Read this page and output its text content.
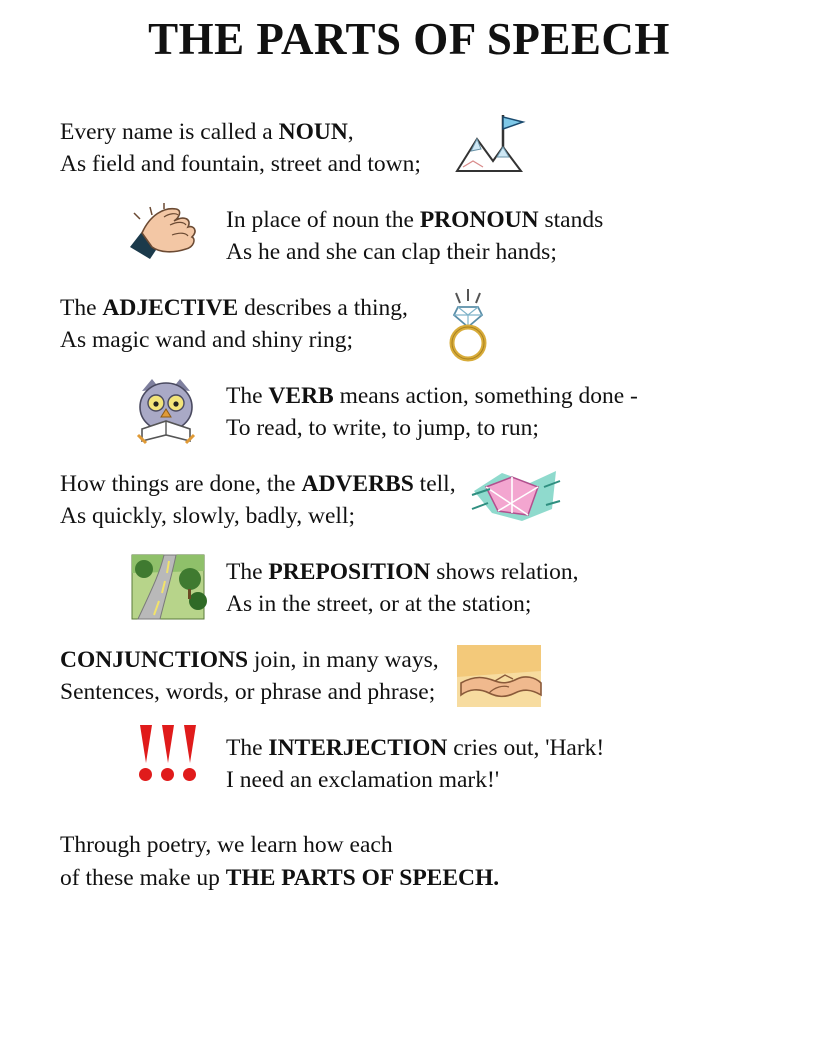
THE PARTS OF SPEECH
Every name is called a NOUN,
As field and fountain, street and town;
In place of noun the PRONOUN stands
As he and she can clap their hands;
The ADJECTIVE describes a thing,
As magic wand and shiny ring;
The VERB means action, something done -
To read, to write, to jump, to run;
How things are done, the ADVERBS tell,
As quickly, slowly, badly, well;
The PREPOSITION shows relation,
As in the street, or at the station;
CONJUNCTIONS join, in many ways,
Sentences, words, or phrase and phrase;
The INTERJECTION cries out, 'Hark!
I need an exclamation mark!'
Through poetry, we learn how each
of these make up THE PARTS OF SPEECH.
